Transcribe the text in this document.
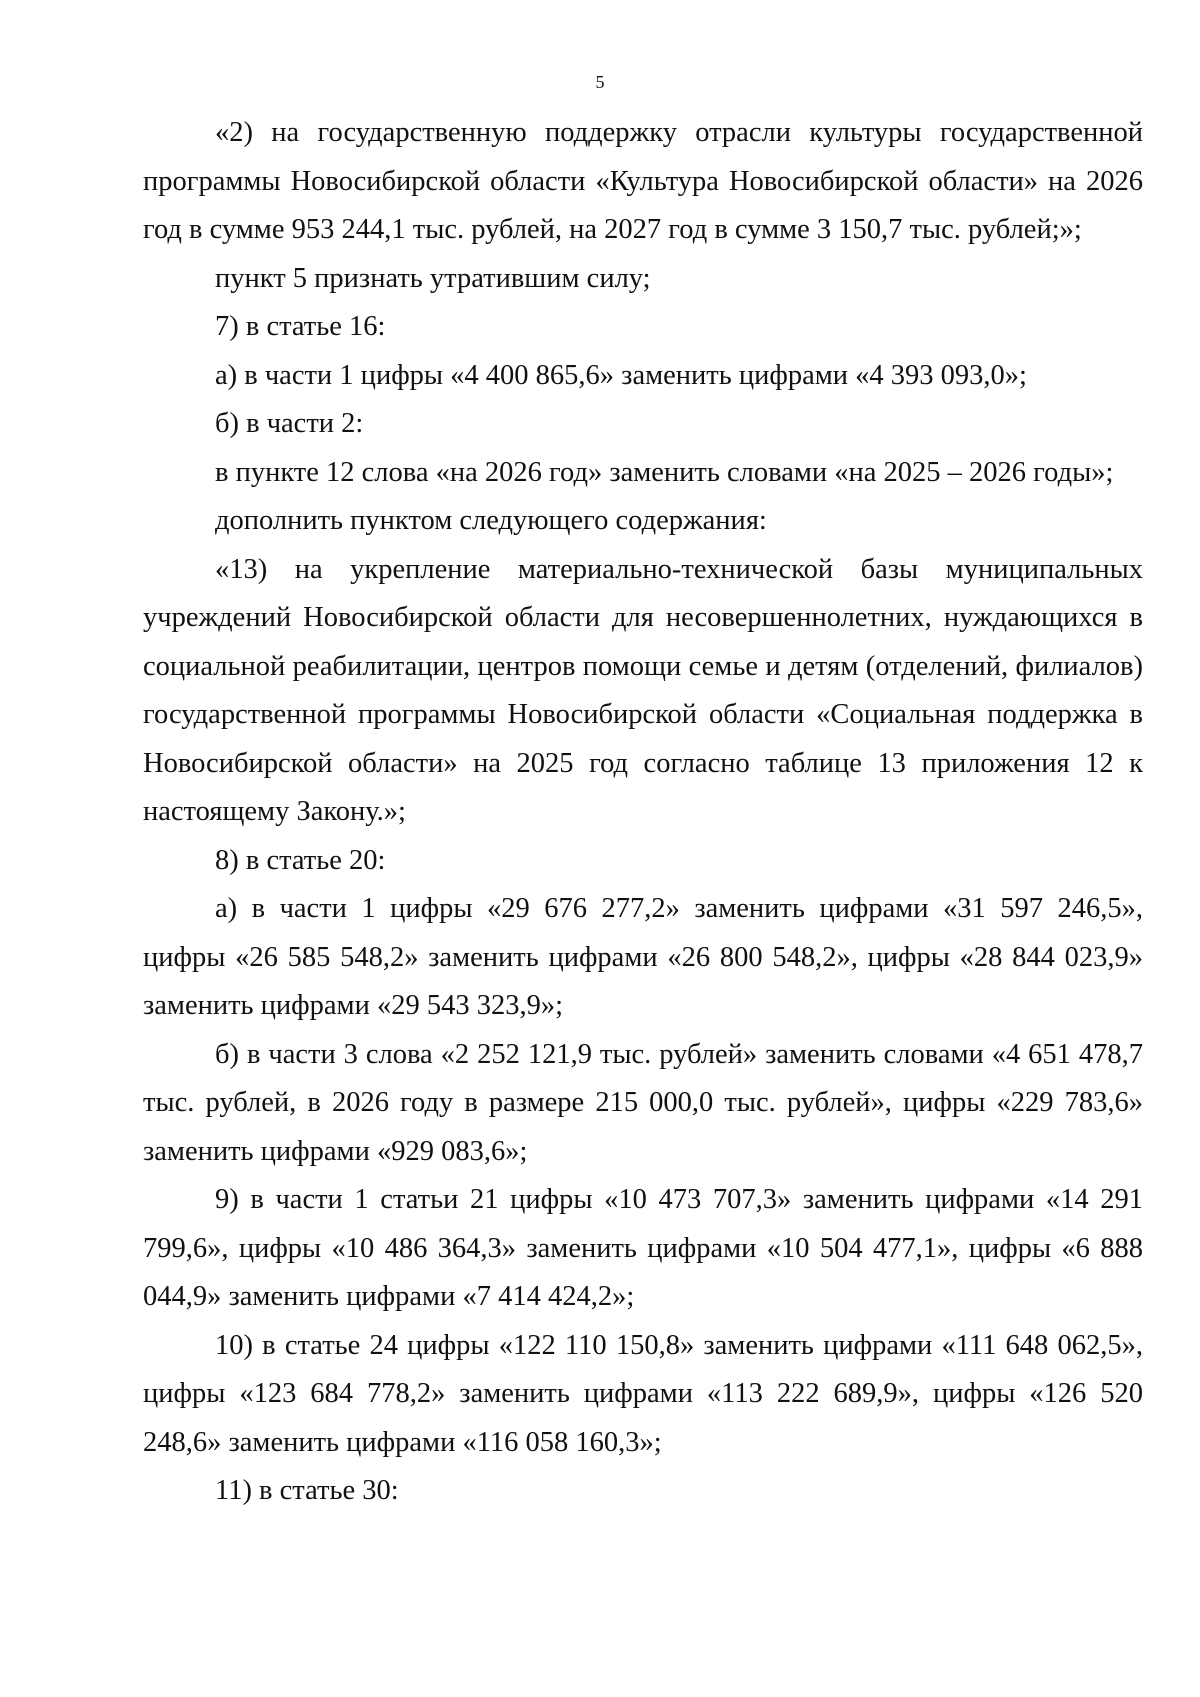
5

«2) на государственную поддержку отрасли культуры государственной программы Новосибирской области «Культура Новосибирской области» на 2026 год в сумме 953 244,1 тыс. рублей, на 2027 год в сумме 3 150,7 тыс. рублей;»;

пункт 5 признать утратившим силу;

7) в статье 16:

а) в части 1 цифры «4 400 865,6» заменить цифрами «4 393 093,0»;

б) в части 2:

в пункте 12 слова «на 2026 год» заменить словами «на 2025 – 2026 годы»;

дополнить пунктом следующего содержания:

«13) на укрепление материально-технической базы муниципальных учреждений Новосибирской области для несовершеннолетних, нуждающихся в социальной реабилитации, центров помощи семье и детям (отделений, филиалов) государственной программы Новосибирской области «Социальная поддержка в Новосибирской области» на 2025 год согласно таблице 13 приложения 12 к настоящему Закону.»;

8) в статье 20:

а) в части 1 цифры «29 676 277,2» заменить цифрами «31 597 246,5», цифры «26 585 548,2» заменить цифрами «26 800 548,2», цифры «28 844 023,9» заменить цифрами «29 543 323,9»;

б) в части 3 слова «2 252 121,9 тыс. рублей» заменить словами «4 651 478,7 тыс. рублей, в 2026 году в размере 215 000,0 тыс. рублей», цифры «229 783,6» заменить цифрами «929 083,6»;

9) в части 1 статьи 21 цифры «10 473 707,3» заменить цифрами «14 291 799,6», цифры «10 486 364,3» заменить цифрами «10 504 477,1», цифры «6 888 044,9» заменить цифрами «7 414 424,2»;

10) в статье 24 цифры «122 110 150,8» заменить цифрами «111 648 062,5», цифры «123 684 778,2» заменить цифрами «113 222 689,9», цифры «126 520 248,6» заменить цифрами «116 058 160,3»;

11) в статье 30:
